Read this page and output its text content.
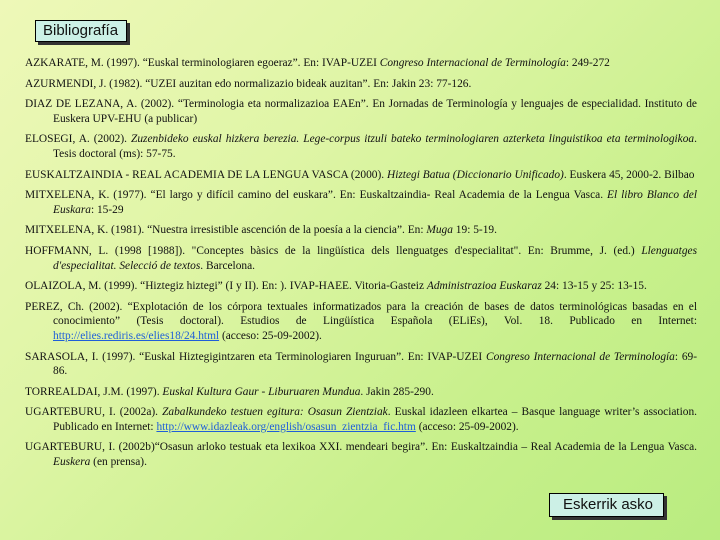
Bibliografía

AZKARATE, M. (1997). “Euskal terminologiaren egoeraz”. En: IVAP-UZEI Congreso Internacional de Terminología: 249-272

AZURMENDI, J. (1982). “UZEI auzitan edo normalizazio bideak auzitan”. En: Jakin 23: 77-126.

DIAZ DE LEZANA, A. (2002). “Terminologia eta normalizazioa EAEn”. En Jornadas de Terminología y lenguajes de especialidad. Instituto de Euskera UPV-EHU (a publicar)

ELOSEGI, A. (2002). Zuzenbideko euskal hizkera berezia. Lege-corpus itzuli bateko terminologiaren azterketa linguistikoa eta terminologikoa. Tesis doctoral (ms): 57-75.

EUSKALTZAINDIA - REAL ACADEMIA DE LA LENGUA VASCA (2000). Hiztegi Batua (Diccionario Unificado). Euskera 45, 2000-2. Bilbao

MITXELENA, K. (1977). “El largo y difícil camino del euskara”. En: Euskaltzaindia- Real Academia de la Lengua Vasca. El libro Blanco del Euskara: 15-29

MITXELENA, K. (1981). “Nuestra irresistible ascención de la poesía a la ciencia”. En: Muga 19: 5-19.

HOFFMANN, L. (1998 [1988]). "Conceptes bàsics de la lingüística dels llenguatges d'especialitat". En: Brumme, J. (ed.) Llenguatges d'especialitat. Selecció de textos. Barcelona.

OLAIZOLA, M. (1999). “Hiztegiz hiztegi” (I y II). En: ). IVAP-HAEE. Vitoria-Gasteiz Administrazioa Euskaraz 24: 13-15 y 25: 13-15.

PEREZ, Ch. (2002). “Explotación de los córpora textuales informatizados para la creación de bases de datos terminológicas basadas en el conocimiento” (Tesis doctoral). Estudios de Lingüística Española (ELiEs), Vol. 18. Publicado en Internet: http://elies.rediris.es/elies18/24.html (acceso: 25-09-2002).

SARASOLA, I. (1997). “Euskal Hiztegigintzaren eta Terminologiaren Inguruan”. En: IVAP-UZEI Congreso Internacional de Terminología: 69-86.

TORREALDAI, J.M. (1997). Euskal Kultura Gaur - Liburuaren Mundua. Jakin 285-290.

UGARTEBURU, I. (2002a). Zabalkundeko testuen egitura: Osasun Zientziak. Euskal idazleen elkartea – Basque language writer’s association. Publicado en Internet: http://www.idazleak.org/english/osasun_zientzia_fic.htm (acceso: 25-09-2002).

UGARTEBURU, I. (2002b)“Osasun arloko testuak eta lexikoa XXI. mendeari begira”. En: Euskaltzaindia – Real Academia de la Lengua Vasca. Euskera (en prensa).

Eskerrik asko
